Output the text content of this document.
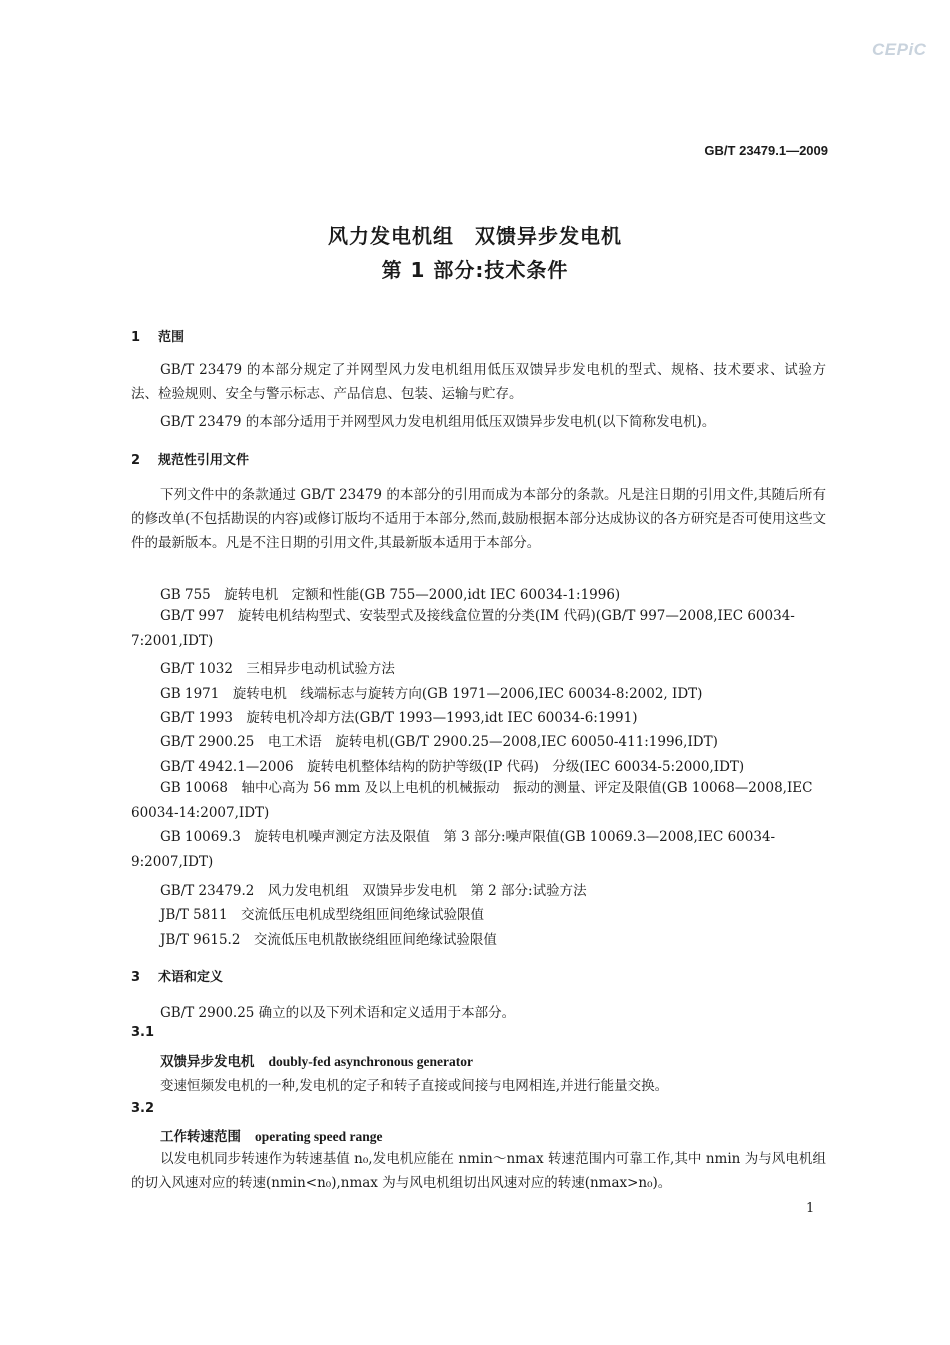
CEPiC
GB/T 23479.1—2009
风力发电机组　双馈异步发电机
第 1 部分:技术条件
1 范围
GB/T 23479 的本部分规定了并网型风力发电机组用低压双馈异步发电机的型式、规格、技术要求、试验方法、检验规则、安全与警示标志、产品信息、包装、运输与贮存。
GB/T 23479 的本部分适用于并网型风力发电机组用低压双馈异步发电机(以下简称发电机)。
2 规范性引用文件
下列文件中的条款通过 GB/T 23479 的本部分的引用而成为本部分的条款。凡是注日期的引用文件,其随后所有的修改单(不包括勘误的内容)或修订版均不适用于本部分,然而,鼓励根据本部分达成协议的各方研究是否可使用这些文件的最新版本。凡是不注日期的引用文件,其最新版本适用于本部分。
GB 755　旋转电机　定额和性能(GB 755—2000,idt IEC 60034-1:1996)
GB/T 997　旋转电机结构型式、安装型式及接线盒位置的分类(IM 代码)(GB/T 997—2008,IEC 60034-7:2001,IDT)
GB/T 1032　三相异步电动机试验方法
GB 1971　旋转电机　线端标志与旋转方向(GB 1971—2006,IEC 60034-8:2002, IDT)
GB/T 1993　旋转电机冷却方法(GB/T 1993—1993,idt IEC 60034-6:1991)
GB/T 2900.25　电工术语　旋转电机(GB/T 2900.25—2008,IEC 60050-411:1996,IDT)
GB/T 4942.1—2006　旋转电机整体结构的防护等级(IP 代码)　分级(IEC 60034-5:2000,IDT)
GB 10068　轴中心高为 56 mm 及以上电机的机械振动　振动的测量、评定及限值(GB 10068—2008,IEC 60034-14:2007,IDT)
GB 10069.3　旋转电机噪声测定方法及限值　第 3 部分:噪声限值(GB 10069.3—2008,IEC 60034-9:2007,IDT)
GB/T 23479.2　风力发电机组　双馈异步发电机　第 2 部分:试验方法
JB/T 5811　交流低压电机成型绕组匝间绝缘试验限值
JB/T 9615.2　交流低压电机散嵌绕组匝间绝缘试验限值
3 术语和定义
GB/T 2900.25 确立的以及下列术语和定义适用于本部分。
3.1
双馈异步发电机 doubly-fed asynchronous generator
变速恒频发电机的一种,发电机的定子和转子直接或间接与电网相连,并进行能量交换。
3.2
工作转速范围 operating speed range
以发电机同步转速作为转速基值 n₀,发电机应能在 nmin～nmax 转速范围内可靠工作,其中 nmin 为与风电机组的切入风速对应的转速(nmin<n₀),nmax 为与风电机组切出风速对应的转速(nmax>n₀)。
1
